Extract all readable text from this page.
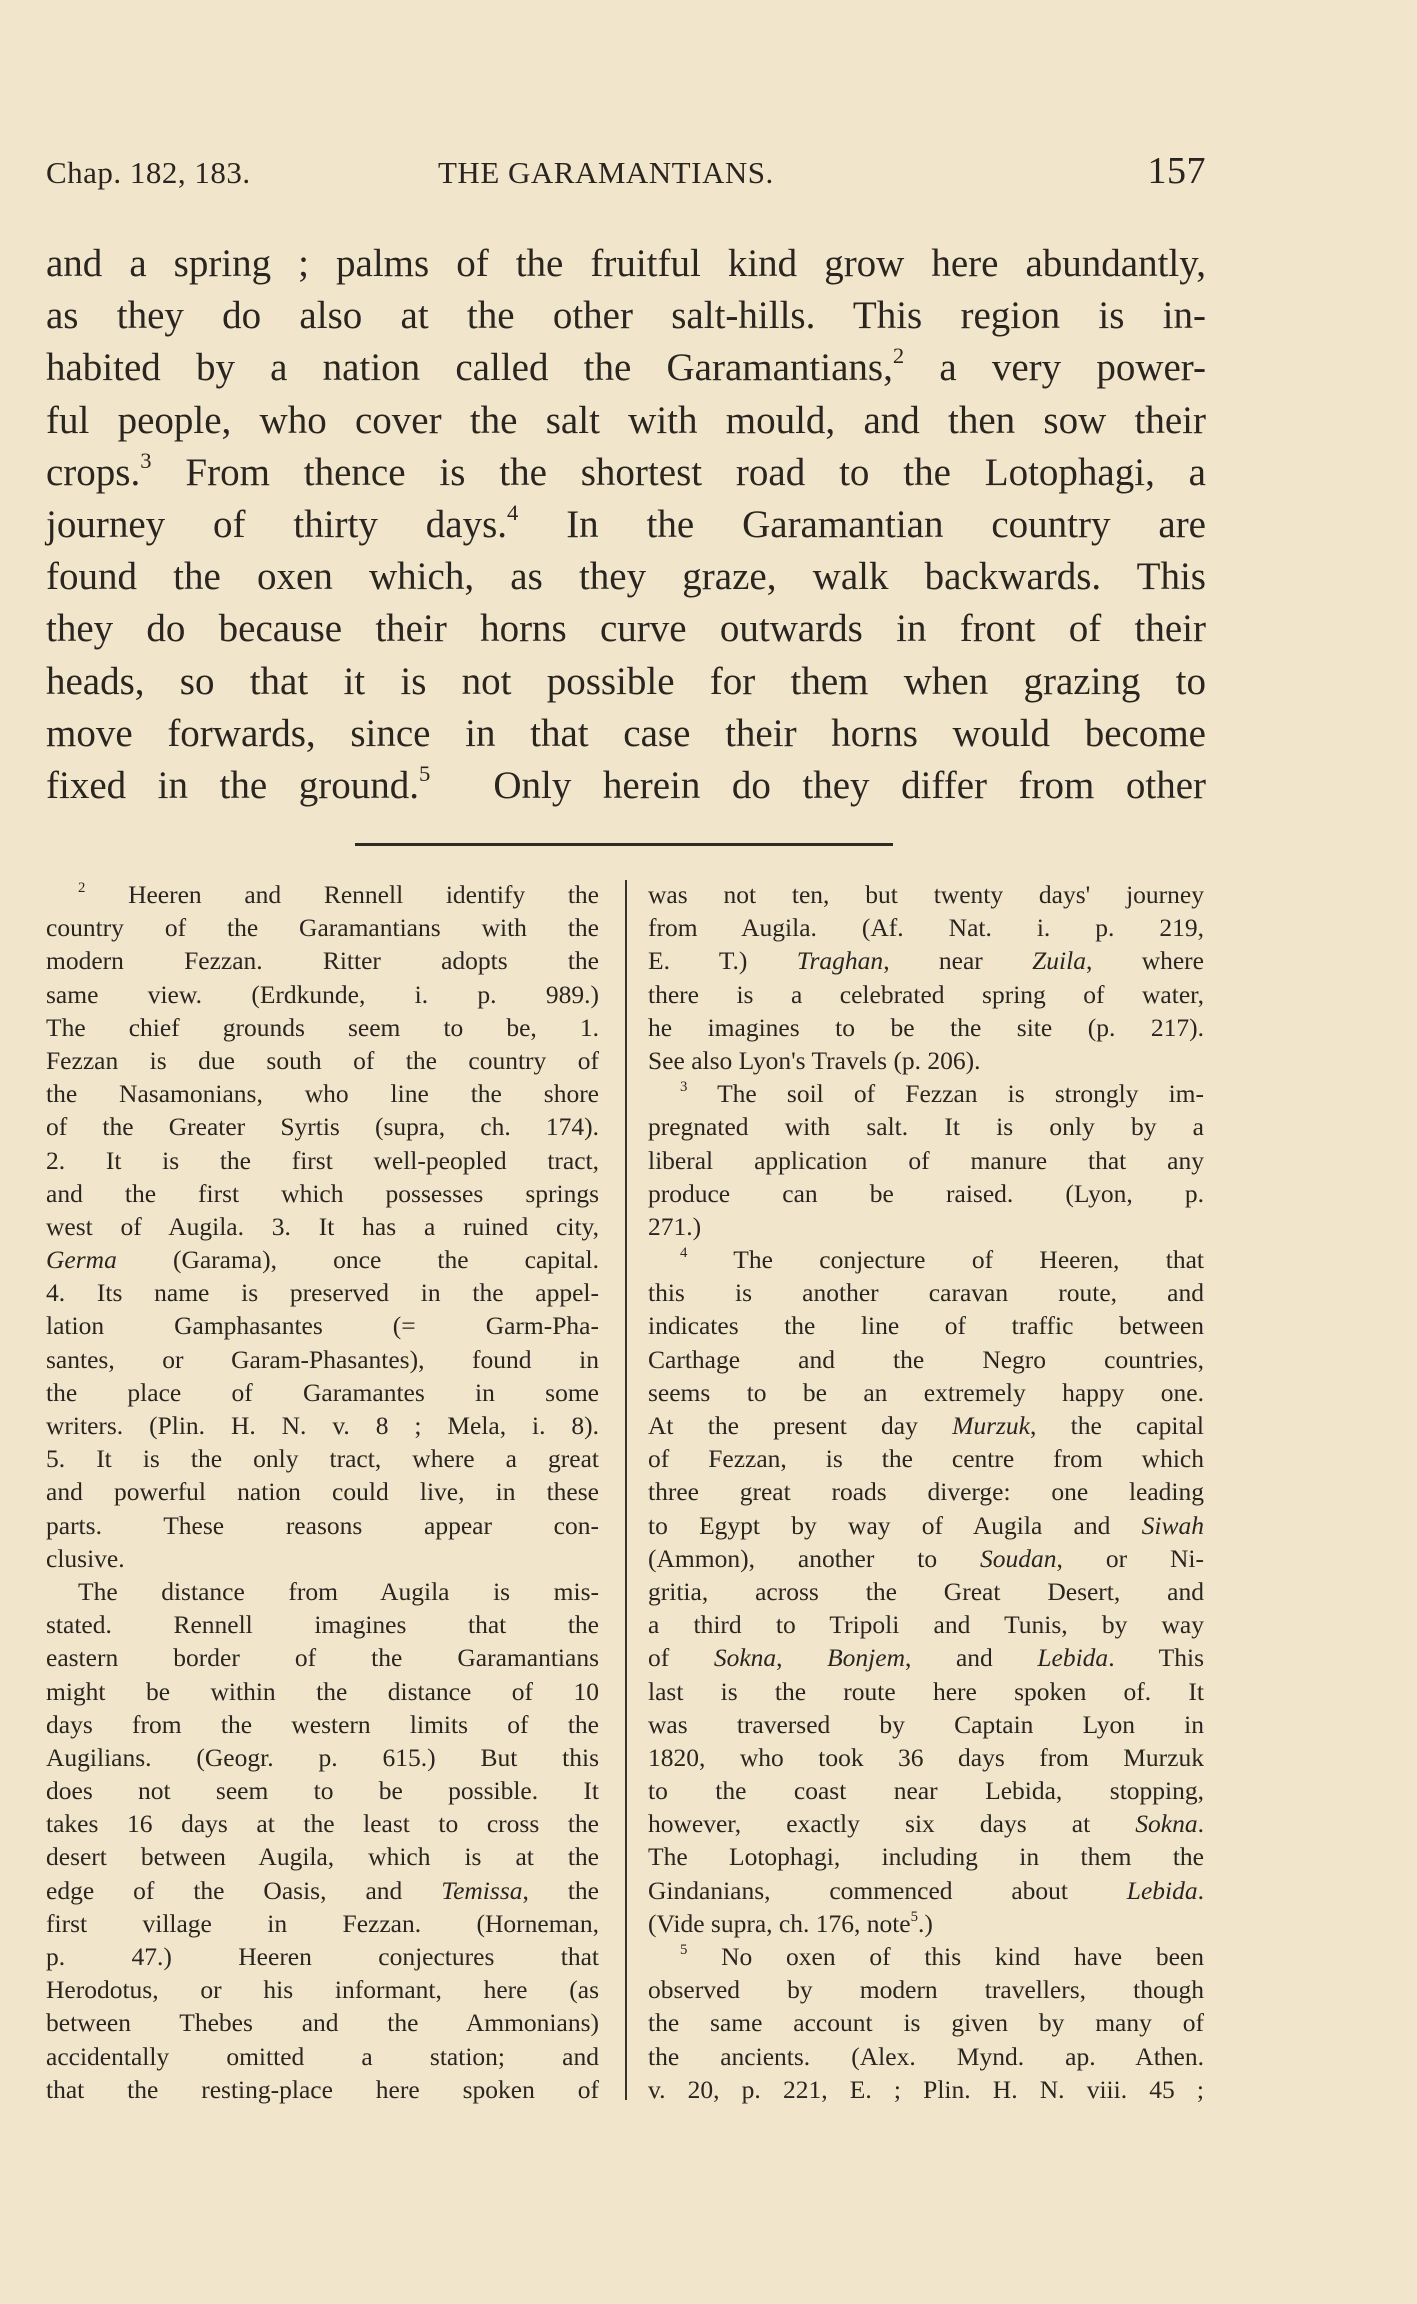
Chap. 182, 183.	THE GARAMANTIANS.	157
and a spring ; palms of the fruitful kind grow here abundantly,
as they do also at the other salt-hills. This region is in-
habited by a nation called the Garamantians,$^2$ a very power-
ful people, who cover the salt with mould, and then sow their
crops.$^3$ From thence is the shortest road to the Lotophagi, a
journey of thirty days.$^4$ In the Garamantian country are
found the oxen which, as they graze, walk backwards. This
they do because their horns curve outwards in front of their
heads, so that it is not possible for them when grazing to
move forwards, since in that case their horns would become
fixed in the ground.$^5$ Only herein do they differ from other
$^2$ Heeren and Rennell identify the
country of the Garamantians with the
modern Fezzan. Ritter adopts the
same view. (Erdkunde, i. p. 989.)
The chief grounds seem to be, 1.
Fezzan is due south of the country of
the Nasamonians, who line the shore
of the Greater Syrtis (supra, ch. 174).
2. It is the first well-peopled tract,
and the first which possesses springs
west of Augila. 3. It has a ruined city,
Germa (Garama), once the capital.
4. Its name is preserved in the appel-
lation Gamphasantes (= Garm-Pha-
santes, or Garam-Phasantes), found in
the place of Garamantes in some
writers. (Plin. H. N. v. 8 ; Mela, i. 8).
5. It is the only tract, where a great
and powerful nation could live, in these
parts. These reasons appear con-
clusive.
The distance from Augila is mis-
stated. Rennell imagines that the
eastern border of the Garamantians
might be within the distance of 10
days from the western limits of the
Augilians. (Geogr. p. 615.) But this
does not seem to be possible. It
takes 16 days at the least to cross the
desert between Augila, which is at the
edge of the Oasis, and Temissa, the
first village in Fezzan. (Horneman,
p. 47.) Heeren conjectures that
Herodotus, or his informant, here (as
between Thebes and the Ammonians)
accidentally omitted a station; and
that the resting-place here spoken of
was not ten, but twenty days' journey
from Augila. (Af. Nat. i. p. 219,
E. T.) Traghan, near Zuila, where
there is a celebrated spring of water,
he imagines to be the site (p. 217).
See also Lyon's Travels (p. 206).
$^3$ The soil of Fezzan is strongly im-
pregnated with salt. It is only by a
liberal application of manure that any
produce can be raised. (Lyon, p.
271.)
$^4$ The conjecture of Heeren, that
this is another caravan route, and
indicates the line of traffic between
Carthage and the Negro countries,
seems to be an extremely happy one.
At the present day Murzuk, the capital
of Fezzan, is the centre from which
three great roads diverge: one leading
to Egypt by way of Augila and Siwah
(Ammon), another to Soudan, or Ni-
gritia, across the Great Desert, and
a third to Tripoli and Tunis, by way
of Sokna, Bonjem, and Lebida. This
last is the route here spoken of. It
was traversed by Captain Lyon in
1820, who took 36 days from Murzuk
to the coast near Lebida, stopping,
however, exactly six days at Sokna.
The Lotophagi, including in them the
Gindanians, commenced about Lebida.
(Vide supra, ch. 176, note$^5$.)
$^5$ No oxen of this kind have been
observed by modern travellers, though
the same account is given by many of
the ancients. (Alex. Mynd. ap. Athen.
v. 20, p. 221, E. ; Plin. H. N. viii. 45 ;
